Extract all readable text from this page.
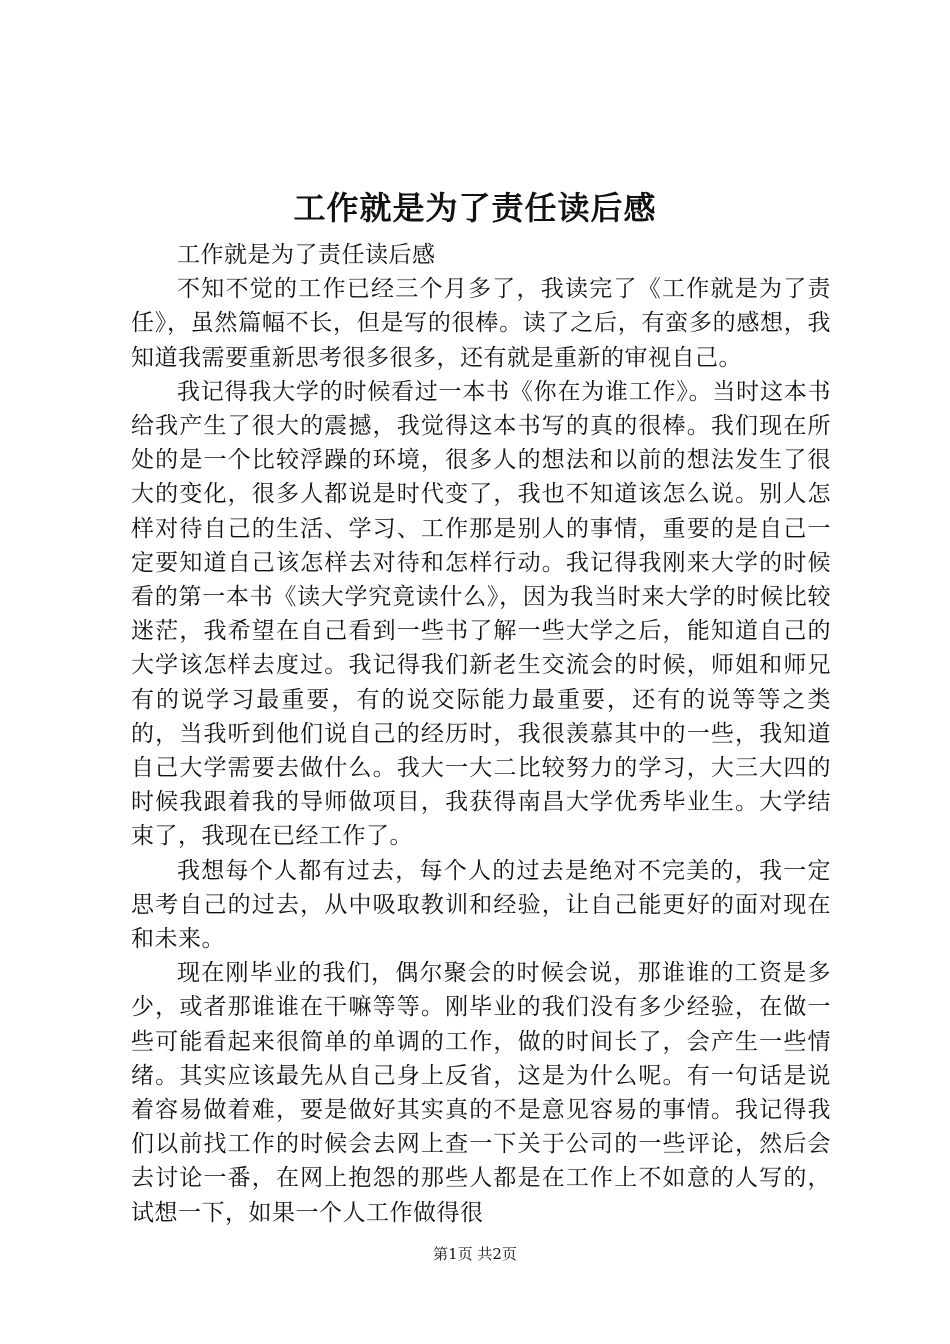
工作就是为了责任读后感

工作就是为了责任读后感

不知不觉的工作已经三个月多了，我读完了《工作就是为了责任》，虽然篇幅不长，但是写的很棒。读了之后，有蛮多的感想，我知道我需要重新思考很多很多，还有就是重新的审视自己。

我记得我大学的时候看过一本书《你在为谁工作》。当时这本书给我产生了很大的震撼，我觉得这本书写的真的很棒。我们现在所处的是一个比较浮躁的环境，很多人的想法和以前的想法发生了很大的变化，很多人都说是时代变了，我也不知道该怎么说。别人怎样对待自己的生活、学习、工作那是别人的事情，重要的是自己一定要知道自己该怎样去对待和怎样行动。我记得我刚来大学的时候看的第一本书《读大学究竟读什么》，因为我当时来大学的时候比较迷茫，我希望在自己看到一些书了解一些大学之后，能知道自己的大学该怎样去度过。我记得我们新老生交流会的时候，师姐和师兄有的说学习最重要，有的说交际能力最重要，还有的说等等之类的，当我听到他们说自己的经历时，我很羡慕其中的一些，我知道自己大学需要去做什么。我大一大二比较努力的学习，大三大四的时候我跟着我的导师做项目，我获得南昌大学优秀毕业生。大学结束了，我现在已经工作了。

我想每个人都有过去，每个人的过去是绝对不完美的，我一定思考自己的过去，从中吸取教训和经验，让自己能更好的面对现在和未来。

现在刚毕业的我们，偶尔聚会的时候会说，那谁谁的工资是多少，或者那谁谁在干嘛等等。刚毕业的我们没有多少经验，在做一些可能看起来很简单的单调的工作，做的时间长了，会产生一些情绪。其实应该最先从自己身上反省，这是为什么呢。有一句话是说着容易做着难，要是做好其实真的不是意见容易的事情。我记得我们以前找工作的时候会去网上查一下关于公司的一些评论，然后会去讨论一番，在网上抱怨的那些人都是在工作上不如意的人写的，试想一下，如果一个人工作做得很

第1页 共2页
